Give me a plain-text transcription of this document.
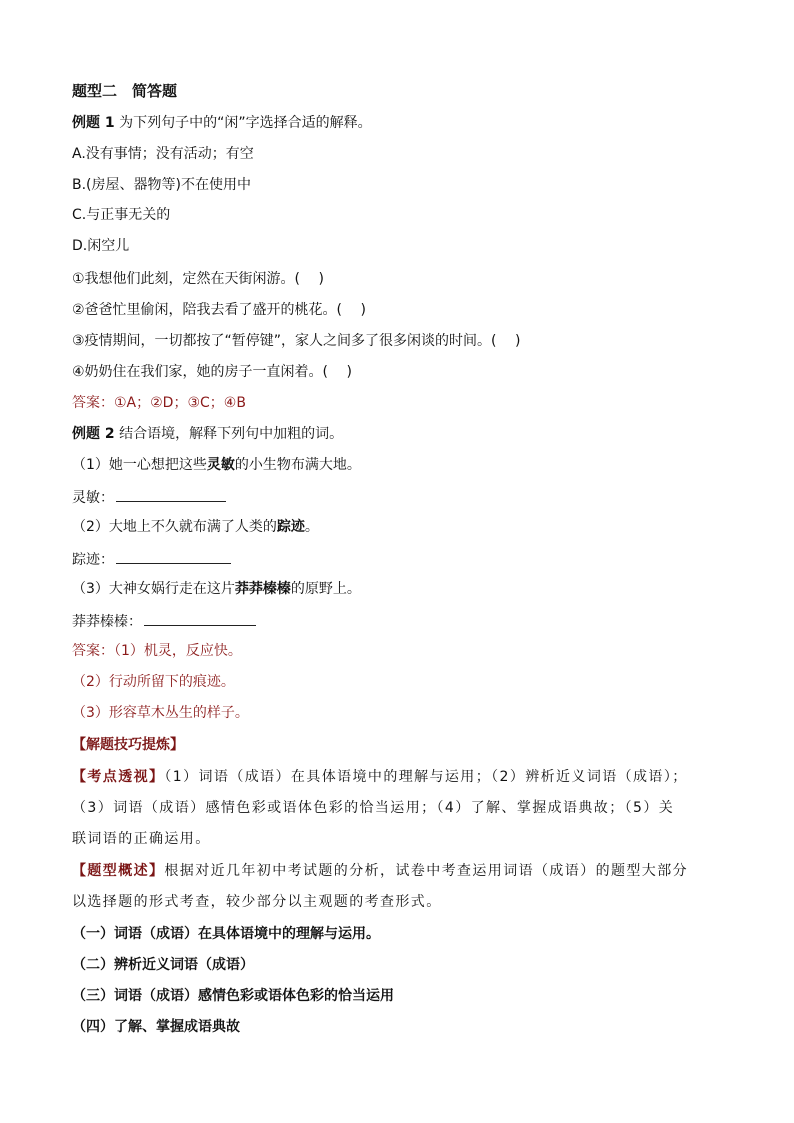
题型二　简答题
例题 1 为下列句子中的“闲”字选择合适的解释。
A.没有事情；没有活动；有空
B.(房屋、器物等)不在使用中
C.与正事无关的
D.闲空儿
①我想他们此刻，定然在天街闲游。(　 )
②爸爸忙里偷闲，陪我去看了盛开的桃花。(　 )
③疫情期间，一切都按了“暂停键”，家人之间多了很多闲谈的时间。(　 )
④奶奶住在我们家，她的房子一直闲着。(　 )
答案：①A；②D；③C；④B
例题 2 结合语境，解释下列句中加粗的词。
（1）她一心想把这些灵敏的小生物布满大地。
灵敏：
（2）大地上不久就布满了人类的踪迹。
踪迹：
（3）大神女娲行走在这片莽莽榛榛的原野上。
莽莽榛榛：
答案：（1）机灵，反应快。
（2）行动所留下的痕迹。
（3）形容草木丛生的样子。
【解题技巧提炼】
【考点透视】（1）词语（成语）在具体语境中的理解与运用；（2）辨析近义词语（成语）；
（3）词语（成语）感情色彩或语体色彩的恰当运用；（4）了解、掌握成语典故；（5）关
联词语的正确运用。
【题型概述】根据对近几年初中考试题的分析，试卷中考查运用词语（成语）的题型大部分
以选择题的形式考查，较少部分以主观题的考查形式。
（一）词语（成语）在具体语境中的理解与运用。
（二）辨析近义词语（成语）
（三）词语（成语）感情色彩或语体色彩的恰当运用
（四）了解、掌握成语典故
